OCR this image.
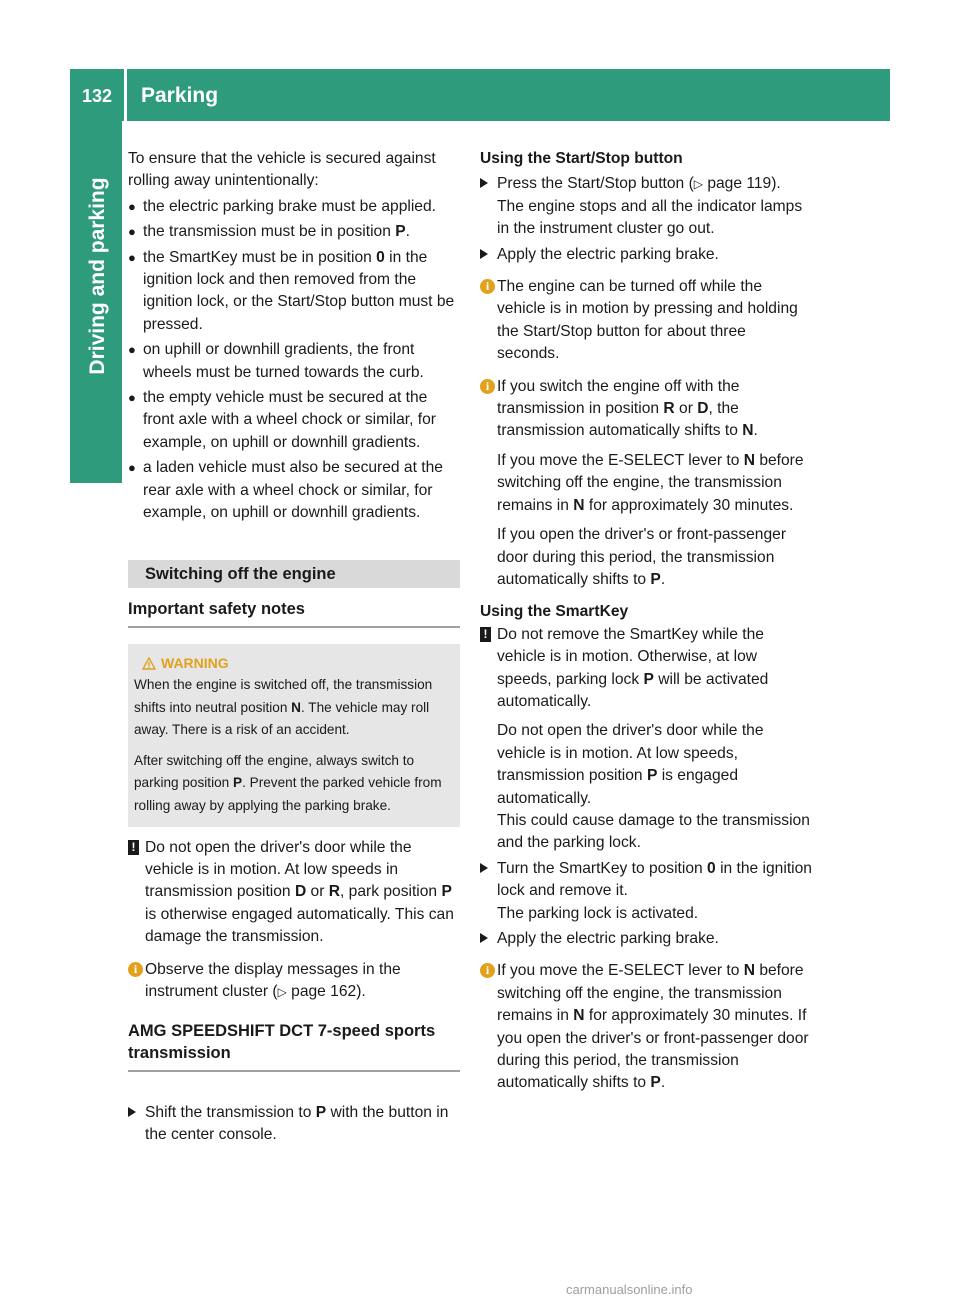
132	Parking
Driving and parking

To ensure that the vehicle is secured against rolling away unintentionally:

● the electric parking brake must be applied.
● the transmission must be in position P.
● the SmartKey must be in position 0 in the ignition lock and then removed from the ignition lock, or the Start/Stop button must be pressed.
● on uphill or downhill gradients, the front wheels must be turned towards the curb.
● the empty vehicle must be secured at the front axle with a wheel chock or similar, for example, on uphill or downhill gradients.
● a laden vehicle must also be secured at the rear axle with a wheel chock or similar, for example, on uphill or downhill gradients.
Switching off the engine
Important safety notes
WARNING

When the engine is switched off, the transmission shifts into neutral position N. The vehicle may roll away. There is a risk of an accident.

After switching off the engine, always switch to parking position P. Prevent the parked vehicle from rolling away by applying the parking brake.

! Do not open the driver's door while the vehicle is in motion. At low speeds in transmission position D or R, park position P is otherwise engaged automatically. This can damage the transmission.
i Observe the display messages in the instrument cluster (▷ page 162).
AMG SPEEDSHIFT DCT 7-speed sports transmission
Shift the transmission to P with the button in the center console.

Using the Start/Stop button

Press the Start/Stop button (▷ page 119).
The engine stops and all the indicator lamps in the instrument cluster go out.
Apply the electric parking brake.
i The engine can be turned off while the vehicle is in motion by pressing and holding the Start/Stop button for about three seconds.
i If you switch the engine off with the transmission in position R or D, the transmission automatically shifts to N.

If you move the E-SELECT lever to N before switching off the engine, the transmission remains in N for approximately 30 minutes.

If you open the driver's or front-passenger door during this period, the transmission automatically shifts to P.

Using the SmartKey

! Do not remove the SmartKey while the vehicle is in motion. Otherwise, at low speeds, parking lock P will be activated automatically.

Do not open the driver's door while the vehicle is in motion. At low speeds, transmission position P is engaged automatically.

This could cause damage to the transmission and the parking lock.

Turn the SmartKey to position 0 in the ignition lock and remove it.
The parking lock is activated.
Apply the electric parking brake.
i If you move the E-SELECT lever to N before switching off the engine, the transmission remains in N for approximately 30 minutes. If you open the driver's or front-passenger door during this period, the transmission automatically shifts to P.
carmanualsonline.info
